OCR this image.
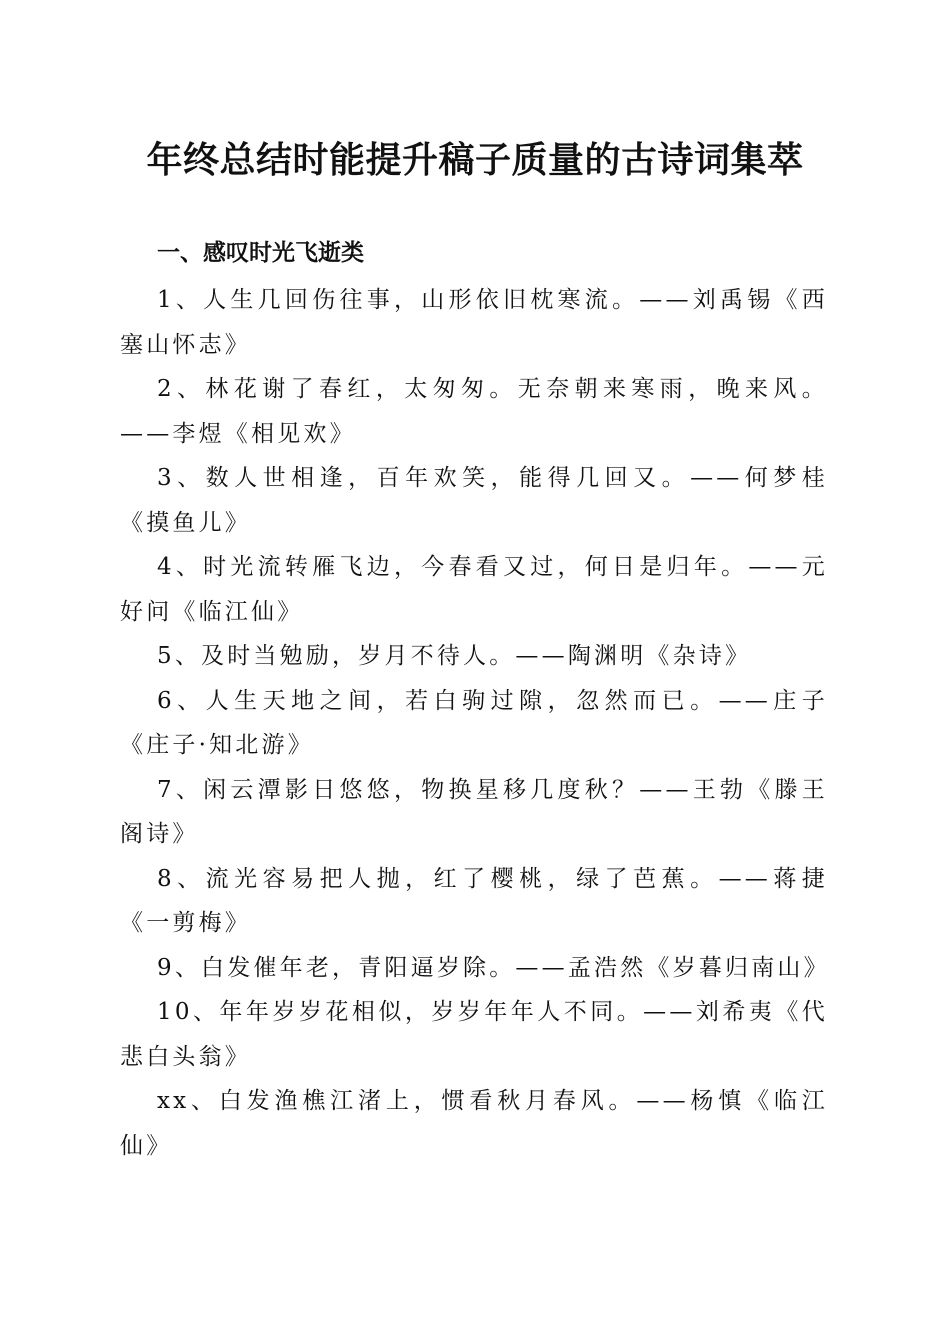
年终总结时能提升稿子质量的古诗词集萃
一、感叹时光飞逝类
1、人生几回伤往事，山形依旧枕寒流。——刘禹锡《西塞山怀志》
2、林花谢了春红，太匆匆。无奈朝来寒雨，晚来风。——李煜《相见欢》
3、数人世相逢，百年欢笑，能得几回又。——何梦桂《摸鱼儿》
4、时光流转雁飞边，今春看又过，何日是归年。——元好问《临江仙》
5、及时当勉励，岁月不待人。——陶渊明《杂诗》
6、人生天地之间，若白驹过隙，忽然而已。——庄子《庄子·知北游》
7、闲云潭影日悠悠，物换星移几度秋？——王勃《滕王阁诗》
8、流光容易把人抛，红了樱桃，绿了芭蕉。——蒋捷《一剪梅》
9、白发催年老，青阳逼岁除。——孟浩然《岁暮归南山》
10、年年岁岁花相似，岁岁年年人不同。——刘希夷《代悲白头翁》
xx、白发渔樵江渚上，惯看秋月春风。——杨慎《临江仙》
